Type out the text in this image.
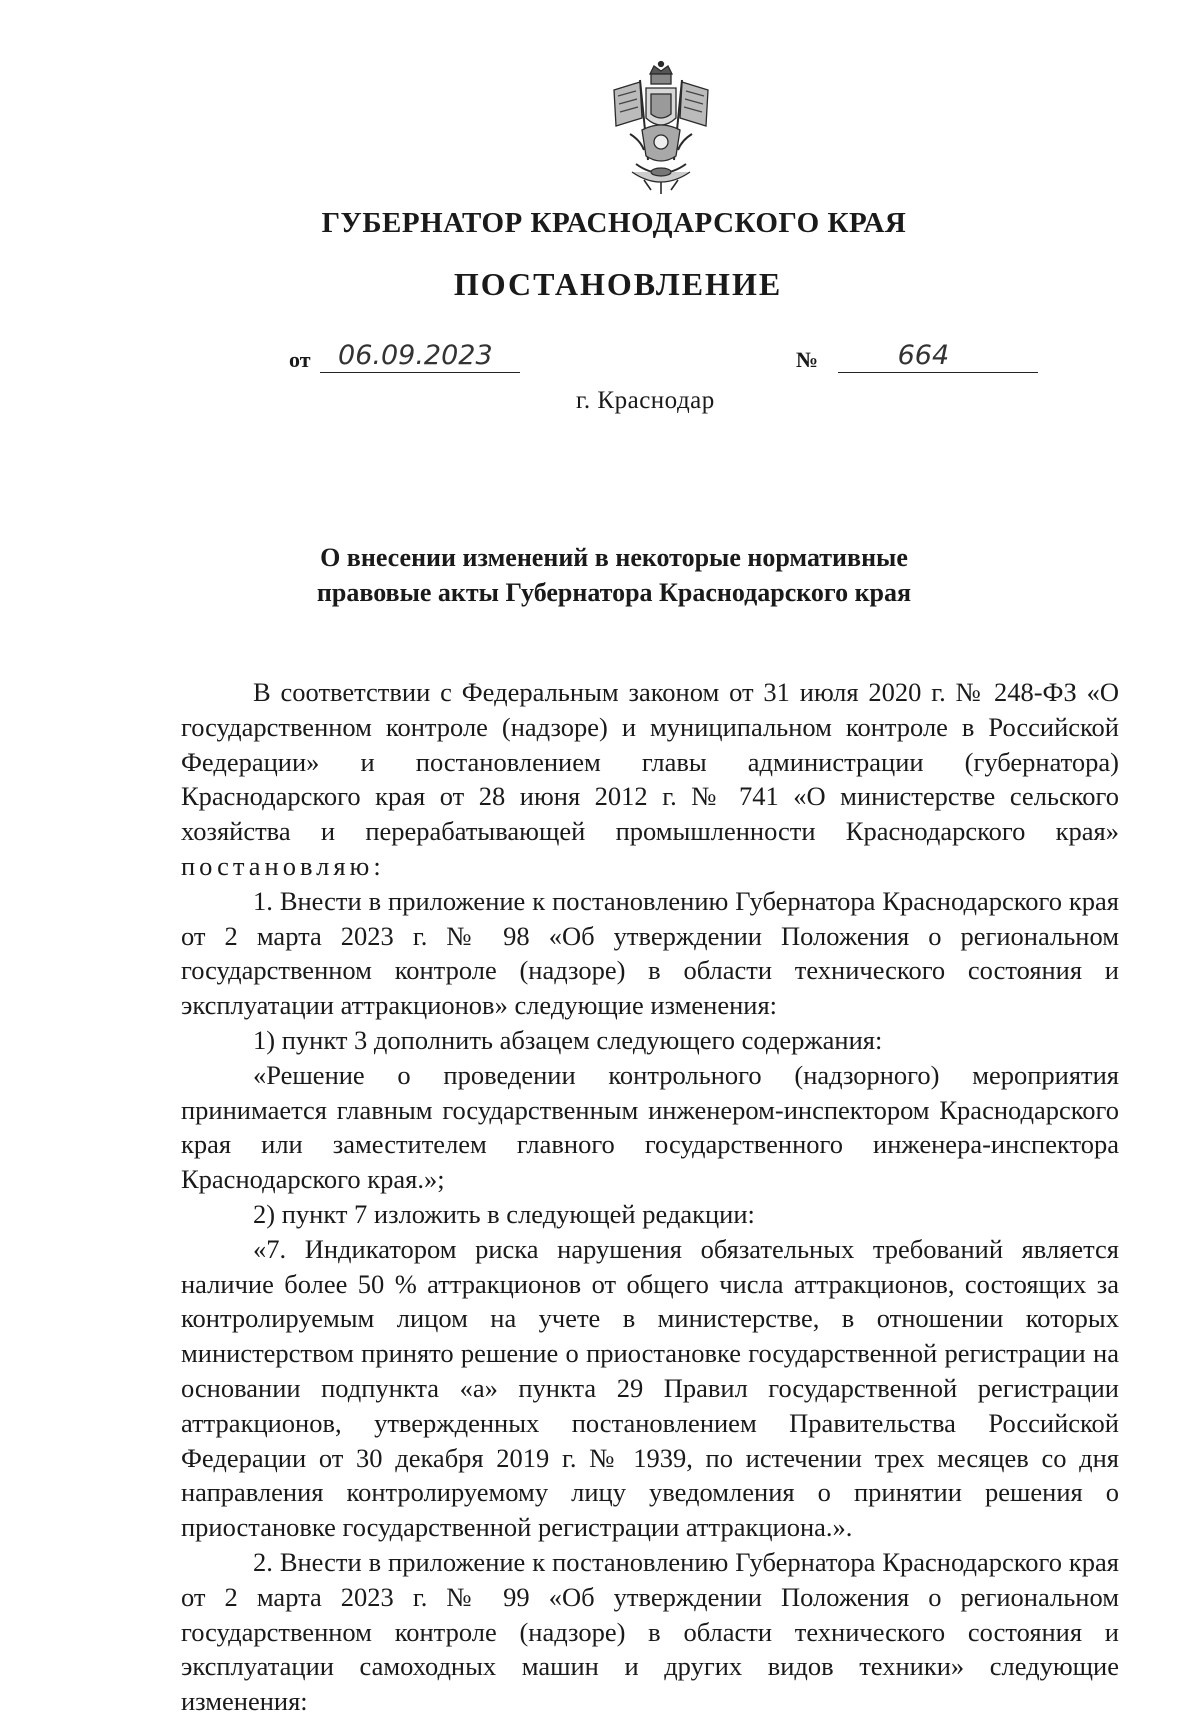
ГУБЕРНАТОР КРАСНОДАРСКОГО КРАЯ
ПОСТАНОВЛЕНИЕ
от 06.09.2023	№	664
г. Краснодар
О внесении изменений в некоторые нормативные
правовые акты Губернатора Краснодарского края

В соответствии с Федеральным законом от 31 июля 2020 г. № 248-ФЗ «О государственном контроле (надзоре) и муниципальном контроле в Российской Федерации» и постановлением главы администрации (губернатора) Краснодарского края от 28 июня 2012 г. № 741 «О министерстве сельского хозяйства и перерабатывающей промышленности Краснодарского края» постановляю:

1. Внести в приложение к постановлению Губернатора Краснодарского края от 2 марта 2023 г. № 98 «Об утверждении Положения о региональном государственном контроле (надзоре) в области технического состояния и эксплуатации аттракционов» следующие изменения:

1) пункт 3 дополнить абзацем следующего содержания:

«Решение о проведении контрольного (надзорного) мероприятия принимается главным государственным инженером-инспектором Краснодарского края или заместителем главного государственного инженера-инспектора Краснодарского края.»;

2) пункт 7 изложить в следующей редакции:

«7. Индикатором риска нарушения обязательных требований является наличие более 50 % аттракционов от общего числа аттракционов, состоящих за контролируемым лицом на учете в министерстве, в отношении которых министерством принято решение о приостановке государственной регистрации на основании подпункта «а» пункта 29 Правил государственной регистрации аттракционов, утвержденных постановлением Правительства Российской Федерации от 30 декабря 2019 г. № 1939, по истечении трех месяцев со дня направления контролируемому лицу уведомления о принятии решения о приостановке государственной регистрации аттракциона.».

2. Внести в приложение к постановлению Губернатора Краснодарского края от 2 марта 2023 г. № 99 «Об утверждении Положения о региональном государственном контроле (надзоре) в области технического состояния и эксплуатации самоходных машин и других видов техники» следующие изменения:
